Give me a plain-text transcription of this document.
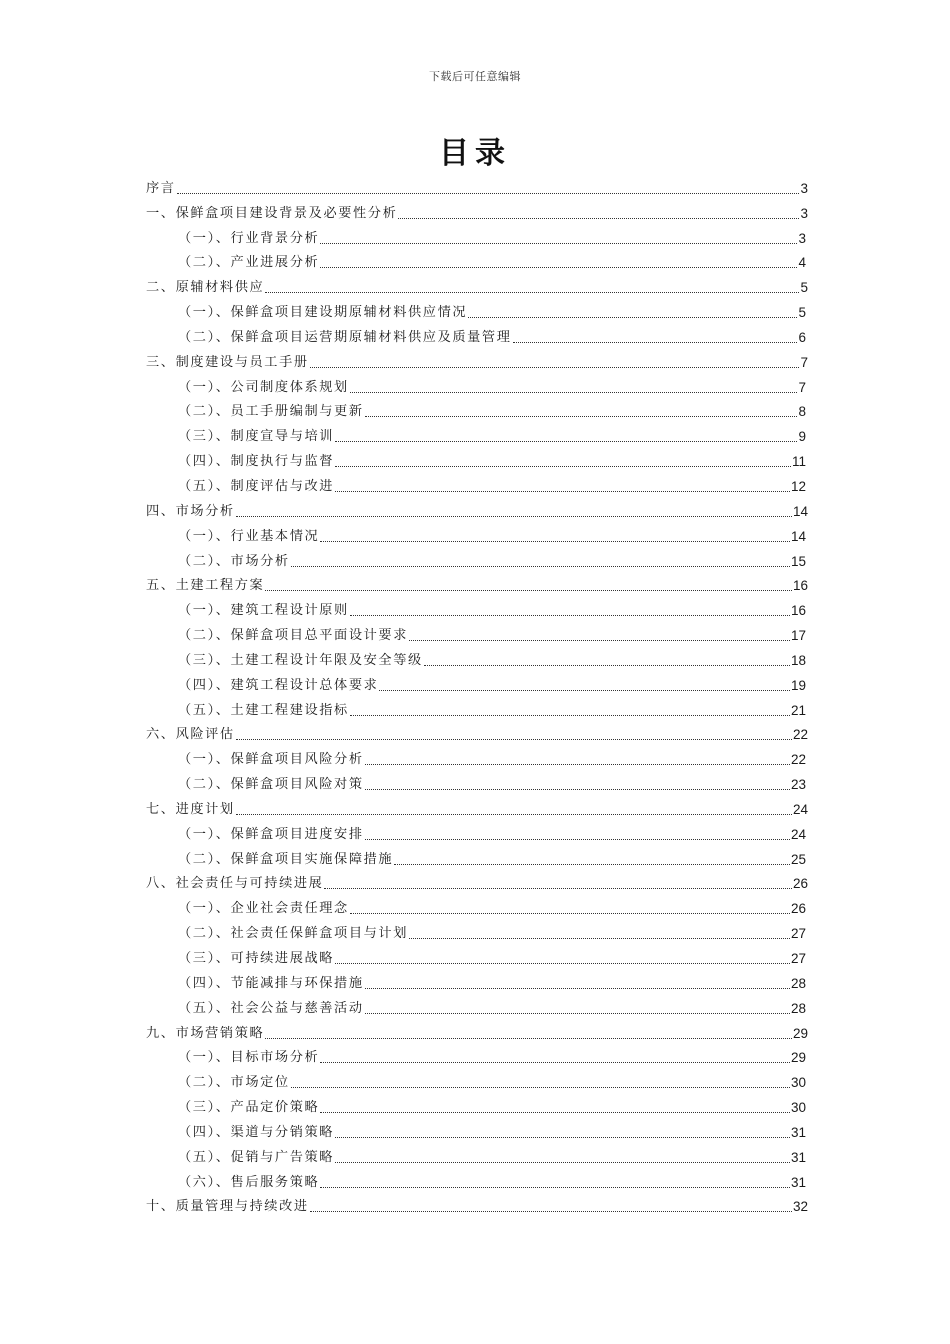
下载后可任意编辑
目录
序言	3
一、保鲜盒项目建设背景及必要性分析	3
（一）、行业背景分析	3
（二）、产业进展分析	4
二、原辅材料供应	5
（一）、保鲜盒项目建设期原辅材料供应情况	5
（二）、保鲜盒项目运营期原辅材料供应及质量管理	6
三、制度建设与员工手册	7
（一）、公司制度体系规划	7
（二）、员工手册编制与更新	8
（三）、制度宣导与培训	9
（四）、制度执行与监督	11
（五）、制度评估与改进	12
四、市场分析	14
（一）、行业基本情况	14
（二）、市场分析	15
五、土建工程方案	16
（一）、建筑工程设计原则	16
（二）、保鲜盒项目总平面设计要求	17
（三）、土建工程设计年限及安全等级	18
（四）、建筑工程设计总体要求	19
（五）、土建工程建设指标	21
六、风险评估	22
（一）、保鲜盒项目风险分析	22
（二）、保鲜盒项目风险对策	23
七、进度计划	24
（一）、保鲜盒项目进度安排	24
（二）、保鲜盒项目实施保障措施	25
八、社会责任与可持续进展	26
（一）、企业社会责任理念	26
（二）、社会责任保鲜盒项目与计划	27
（三）、可持续进展战略	27
（四）、节能减排与环保措施	28
（五）、社会公益与慈善活动	28
九、市场营销策略	29
（一）、目标市场分析	29
（二）、市场定位	30
（三）、产品定价策略	30
（四）、渠道与分销策略	31
（五）、促销与广告策略	31
（六）、售后服务策略	31
十、质量管理与持续改进	32
